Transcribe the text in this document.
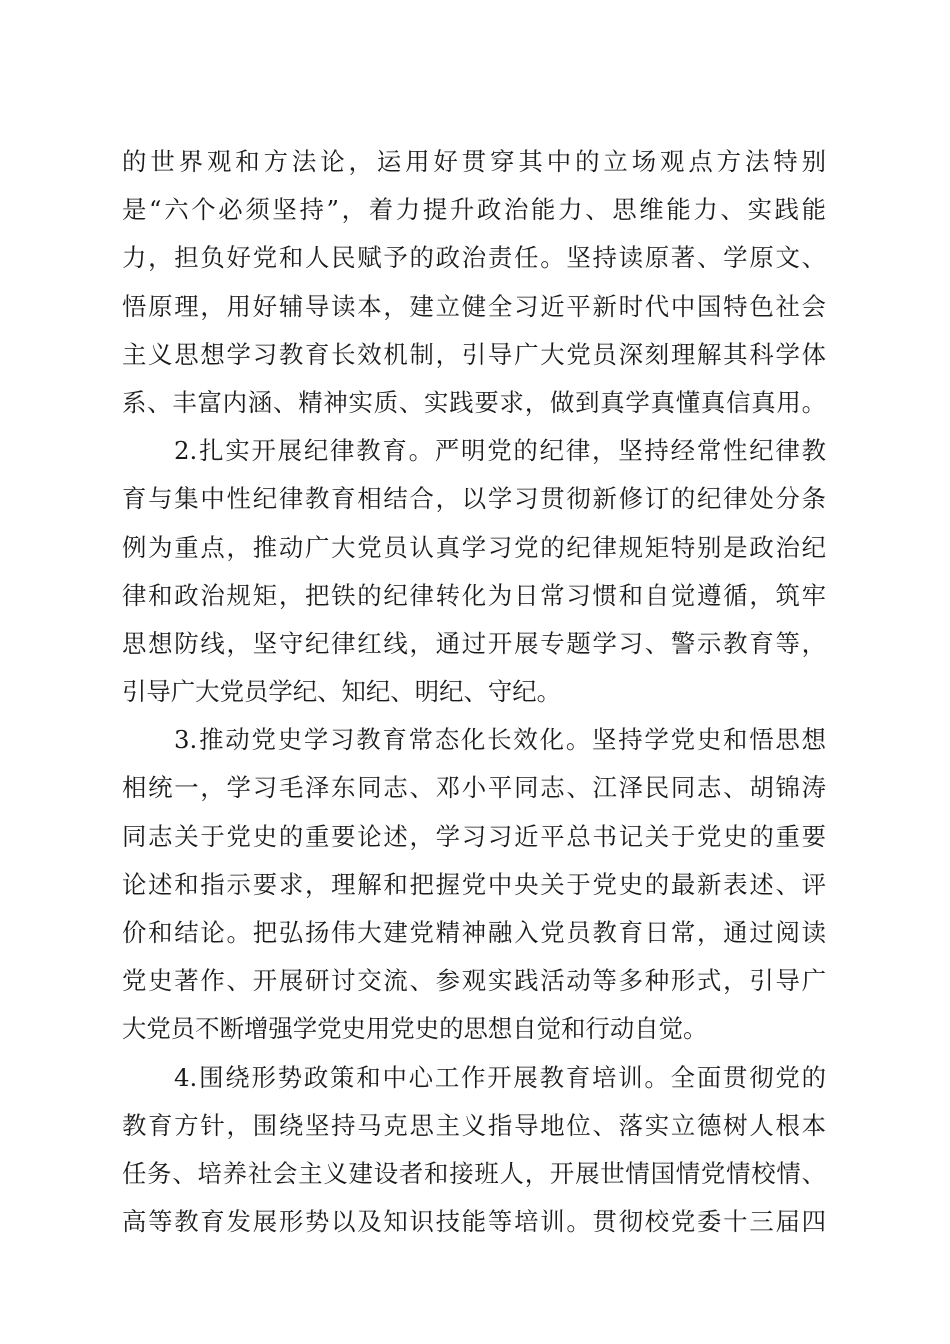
的世界观和方法论，运用好贯穿其中的立场观点方法特别
是“六个必须坚持”，着力提升政治能力、思维能力、实践能
力，担负好党和人民赋予的政治责任。坚持读原著、学原文、
悟原理，用好辅导读本，建立健全习近平新时代中国特色社会
主义思想学习教育长效机制，引导广大党员深刻理解其科学体
系、丰富内涵、精神实质、实践要求，做到真学真懂真信真用。
2.扎实开展纪律教育。严明党的纪律，坚持经常性纪律教
育与集中性纪律教育相结合，以学习贯彻新修订的纪律处分条
例为重点，推动广大党员认真学习党的纪律规矩特别是政治纪
律和政治规矩，把铁的纪律转化为日常习惯和自觉遵循，筑牢
思想防线，坚守纪律红线，通过开展专题学习、警示教育等，
引导广大党员学纪、知纪、明纪、守纪。
3.推动党史学习教育常态化长效化。坚持学党史和悟思想
相统一，学习毛泽东同志、邓小平同志、江泽民同志、胡锦涛
同志关于党史的重要论述，学习习近平总书记关于党史的重要
论述和指示要求，理解和把握党中央关于党史的最新表述、评
价和结论。把弘扬伟大建党精神融入党员教育日常，通过阅读
党史著作、开展研讨交流、参观实践活动等多种形式，引导广
大党员不断增强学党史用党史的思想自觉和行动自觉。
4.围绕形势政策和中心工作开展教育培训。全面贯彻党的
教育方针，围绕坚持马克思主义指导地位、落实立德树人根本
任务、培养社会主义建设者和接班人，开展世情国情党情校情、
高等教育发展形势以及知识技能等培训。贯彻校党委十三届四
